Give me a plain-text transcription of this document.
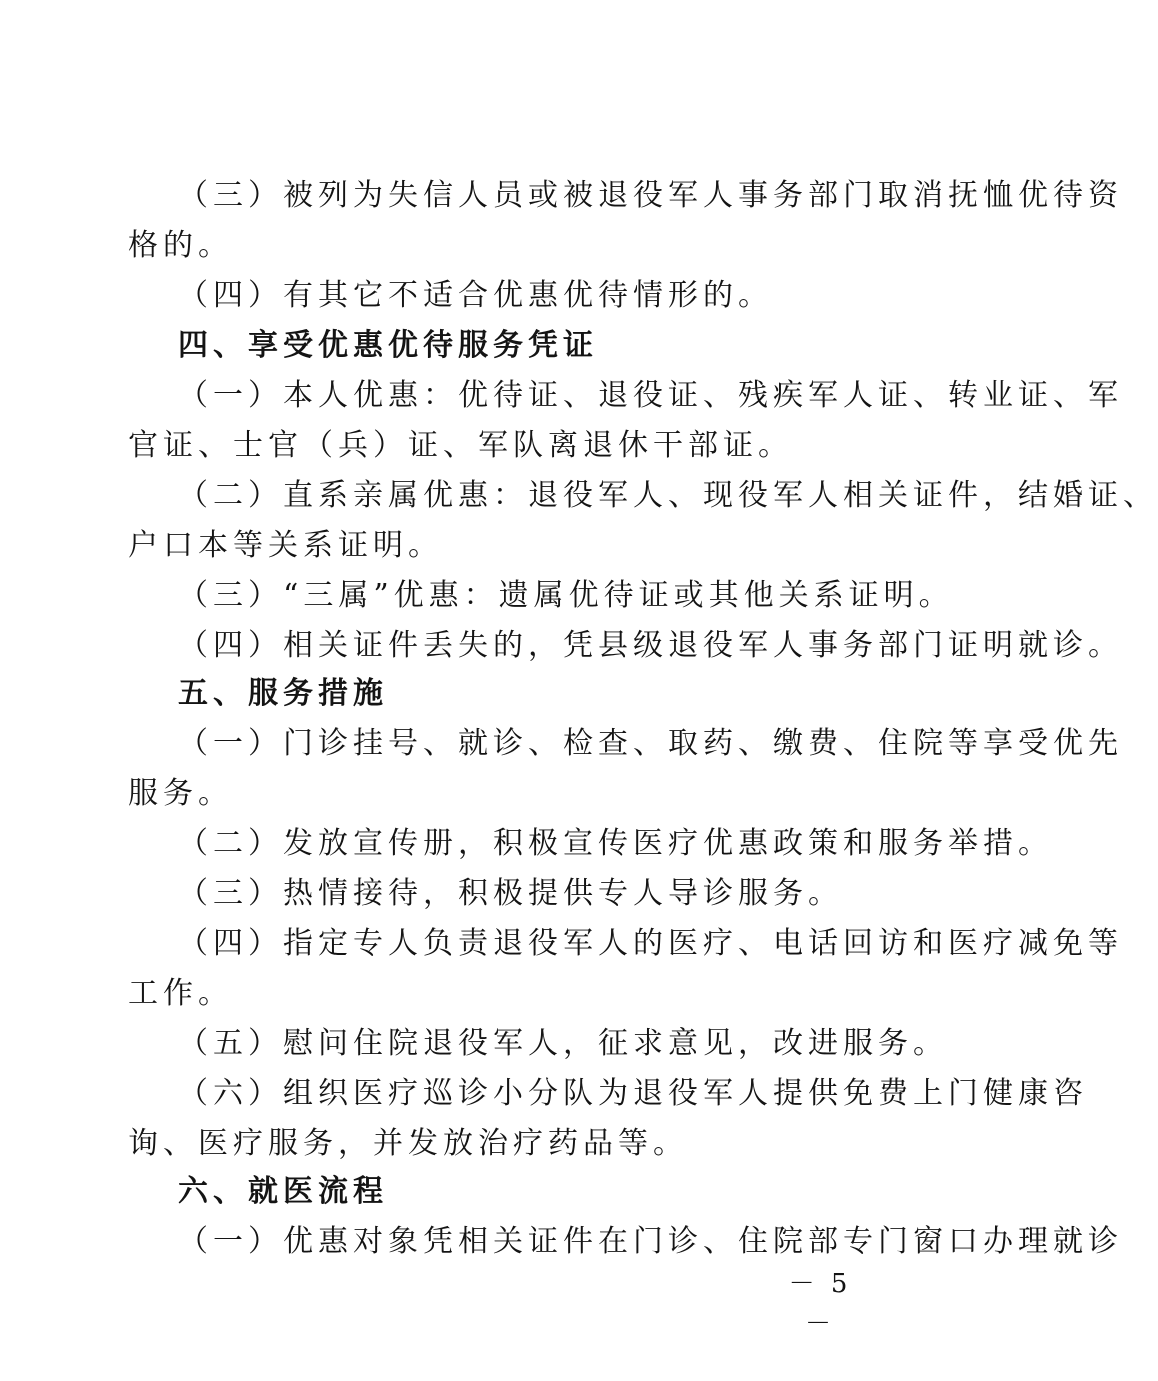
（三）被列为失信人员或被退役军人事务部门取消抚恤优待资
格的。
（四）有其它不适合优惠优待情形的。
四、享受优惠优待服务凭证
（一）本人优惠：优待证、退役证、残疾军人证、转业证、军
官证、士官（兵）证、军队离退休干部证。
（二）直系亲属优惠：退役军人、现役军人相关证件，结婚证、
户口本等关系证明。
（三）“三属”优惠：遗属优待证或其他关系证明。
（四）相关证件丢失的，凭县级退役军人事务部门证明就诊。
五、服务措施
（一）门诊挂号、就诊、检查、取药、缴费、住院等享受优先
服务。
（二）发放宣传册，积极宣传医疗优惠政策和服务举措。
（三）热情接待，积极提供专人导诊服务。
（四）指定专人负责退役军人的医疗、电话回访和医疗减免等
工作。
（五）慰问住院退役军人，征求意见，改进服务。
（六）组织医疗巡诊小分队为退役军人提供免费上门健康咨
询、医疗服务，并发放治疗药品等。
六、就医流程
（一）优惠对象凭相关证件在门诊、住院部专门窗口办理就诊
－ 5 －
